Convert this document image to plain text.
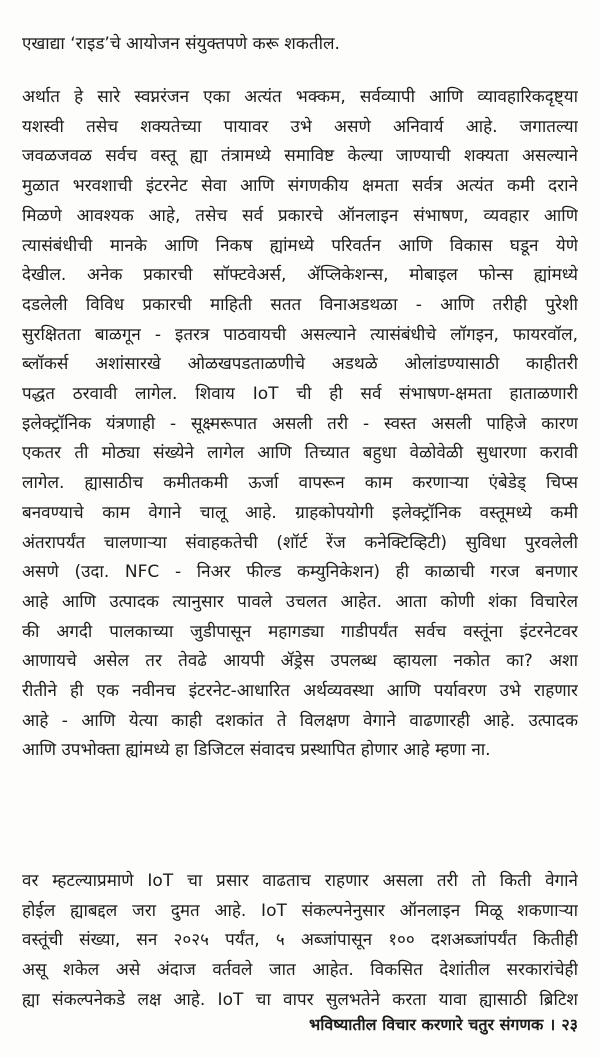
एखाद्या ‘राइड’चे आयोजन संयुक्तपणे करू शकतील.
अर्थात हे सारे स्वप्नरंजन एका अत्यंत भक्कम, सर्वव्यापी आणि व्यावहारिकदृष्ट्या
यशस्वी तसेच शक्यतेच्या पायावर उभे असणे अनिवार्य आहे. जगातल्या
जवळजवळ सर्वच वस्तू ह्या तंत्रामध्ये समाविष्ट केल्या जाण्याची शक्यता असल्याने
मुळात भरवशाची इंटरनेट सेवा आणि संगणकीय क्षमता सर्वत्र अत्यंत कमी दराने
मिळणे आवश्यक आहे, तसेच सर्व प्रकारचे ऑनलाइन संभाषण, व्यवहार आणि
त्यासंबंधीची मानके आणि निकष ह्यांमध्ये परिवर्तन आणि विकास घडून येणे
देखील. अनेक प्रकारची सॉफ्टवेअर्स, ॲप्लिकेशन्स, मोबाइल फोन्स ह्यांमध्ये
दडलेली विविध प्रकारची माहिती सतत विनाअडथळा - आणि तरीही पुरेशी
सुरक्षितता बाळगून - इतरत्र पाठवायची असल्याने त्यासंबंधीचे लॉगइन, फायरवॉल,
ब्लॉकर्स अशांसारखे ओळखपडताळणीचे अडथळे ओलांडण्यासाठी काहीतरी
पद्धत ठरवावी लागेल. शिवाय IoT ची ही सर्व संभाषण-क्षमता हाताळणारी
इलेक्ट्रॉनिक यंत्रणाही - सूक्ष्मरूपात असली तरी - स्वस्त असली पाहिजे कारण
एकतर ती मोठ्या संख्येने लागेल आणि तिच्यात बहुधा वेळोवेळी सुधारणा करावी
लागेल. ह्यासाठीच कमीतकमी ऊर्जा वापरून काम करणाऱ्या एंबेडेड् चिप्स
बनवण्याचे काम वेगाने चालू आहे. ग्राहकोपयोगी इलेक्ट्रॉनिक वस्तूमध्ये कमी
अंतरापर्यंत चालणाऱ्या संवाहकतेची (शॉर्ट रेंज कनेक्टिव्हिटी) सुविधा पुरवलेली
असणे (उदा. NFC - निअर फील्ड कम्युनिकेशन) ही काळाची गरज बनणार
आहे आणि उत्पादक त्यानुसार पावले उचलत आहेत. आता कोणी शंका विचारेल
की अगदी पालकाच्या जुडीपासून महागड्या गाडीपर्यंत सर्वच वस्तूंना इंटरनेटवर
आणायचे असेल तर तेवढे आयपी ॲड्रेस उपलब्ध व्हायला नकोत का? अशा
रीतीने ही एक नवीनच इंटरनेट-आधारित अर्थव्यवस्था आणि पर्यावरण उभे राहणार
आहे - आणि येत्या काही दशकांत ते विलक्षण वेगाने वाढणारही आहे. उत्पादक
आणि उपभोक्ता ह्यांमध्ये हा डिजिटल संवादच प्रस्थापित होणार आहे म्हणा ना.
वर म्हटल्याप्रमाणे IoT चा प्रसार वाढताच राहणार असला तरी तो किती वेगाने
होईल ह्याबद्दल जरा दुमत आहे. IoT संकल्पनेनुसार ऑनलाइन मिळू शकणाऱ्या
वस्तूंची संख्या, सन २०२५ पर्यंत, ५ अब्जांपासून १०० दशअब्जांपर्यंत कितीही
असू शकेल असे अंदाज वर्तवले जात आहेत. विकसित देशांतील सरकारांचेही
ह्या संकल्पनेकडे लक्ष आहे. IoT चा वापर सुलभतेने करता यावा ह्यासाठी ब्रिटिश
भविष्यातील विचार करणारे चतुर संगणक । २३
